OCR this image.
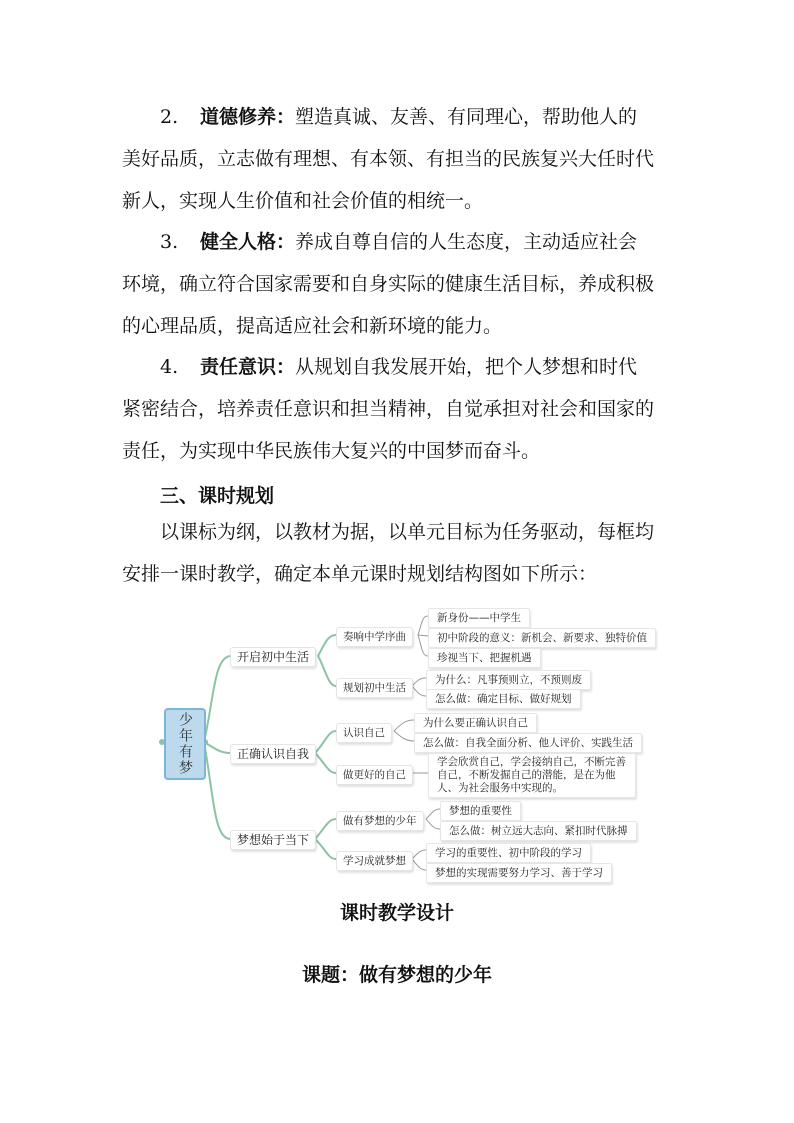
2. 道德修养：塑造真诚、友善、有同理心，帮助他人的
美好品质，立志做有理想、有本领、有担当的民族复兴大任时代
新人，实现人生价值和社会价值的相统一。

3. 健全人格：养成自尊自信的人生态度，主动适应社会
环境，确立符合国家需要和自身实际的健康生活目标，养成积极
的心理品质，提高适应社会和新环境的能力。

4. 责任意识：从规划自我发展开始，把个人梦想和时代
紧密结合，培养责任意识和担当精神，自觉承担对社会和国家的
责任，为实现中华民族伟大复兴的中国梦而奋斗。

三、课时规划

以课标为纲，以教材为据，以单元目标为任务驱动，每框均
安排一课时教学，确定本单元课时规划结构图如下所示：

少年有梦
开启初中生活
正确认识自我
梦想始于当下
奏响中学序曲
规划初中生活
认识自己
做更好的自己
做有梦想的少年
学习成就梦想
新身份——中学生
初中阶段的意义：新机会、新要求、独特价值
珍视当下、把握机遇
为什么：凡事预则立，不预则废
怎么做：确定目标、做好规划
为什么要正确认识自己
怎么做：自我全面分析、他人评价、实践生活
学会欣赏自己，学会接纳自己，不断完善自己，不断发掘自己的潜能，是在为他人、为社会服务中实现的。
梦想的重要性
怎么做：树立远大志向、紧扣时代脉搏
学习的重要性、初中阶段的学习
梦想的实现需要努力学习、善于学习

课时教学设计

课题：做有梦想的少年
